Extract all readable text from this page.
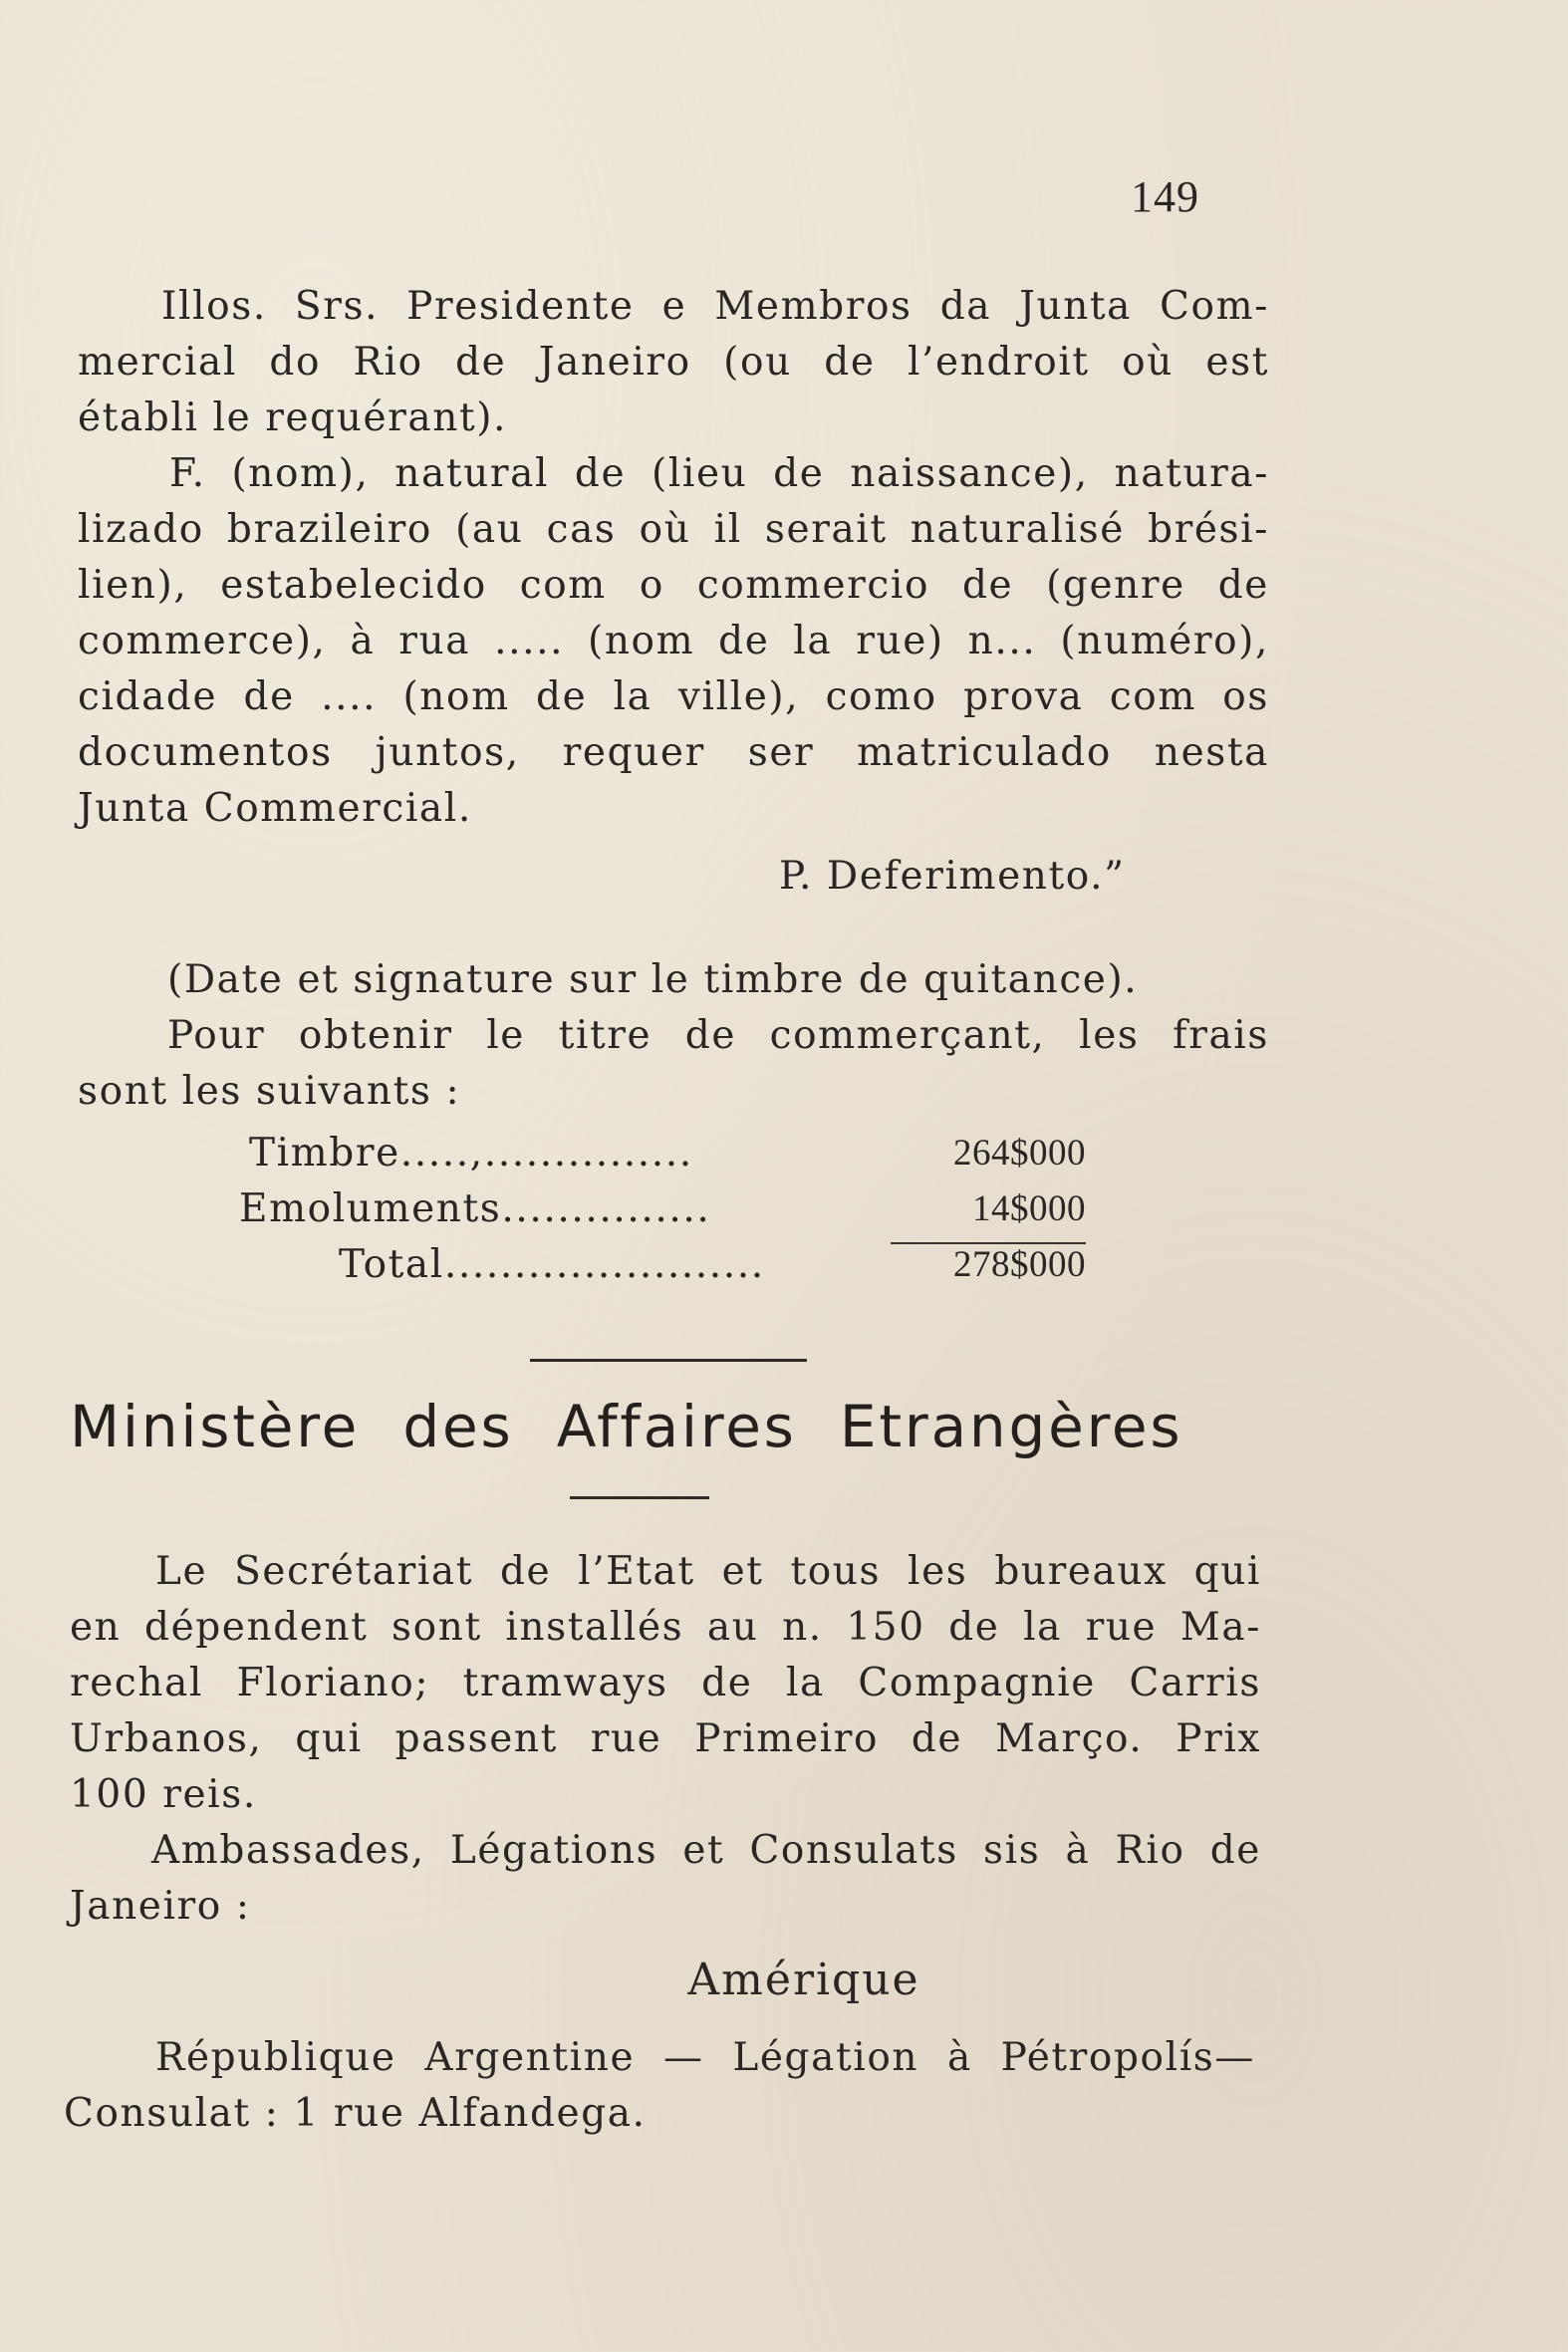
149
Illos. Srs. Presidente e Membros da Junta Com-
mercial do Rio de Janeiro (ou de l’endroit où est
établi le requérant).
F. (nom), natural de (lieu de naissance), natura-
lizado brazileiro (au cas où il serait naturalisé brési-
lien), estabelecido com o commercio de (genre de
commerce), à rua ..... (nom de la rue) n... (numéro),
cidade de .... (nom de la ville), como prova com os
documentos juntos, requer ser matriculado nesta
Junta Commercial.
P. Deferimento.”
(Date et signature sur le timbre de quitance).
Pour obtenir le titre de commerçant, les frais
sont les suivants :
Timbre.....,...............	264$000
Emoluments...............	14$000
Total.......................	278$000
Ministère des Affaires Etrangères
Le Secrétariat de l’Etat et tous les bureaux qui
en dépendent sont installés au n. 150 de la rue Ma-
rechal Floriano; tramways de la Compagnie Carris
Urbanos, qui passent rue Primeiro de Março. Prix
100 reis.
Ambassades, Légations et Consulats sis à Rio de
Janeiro :
Amérique
République Argentine — Légation à Pétropolís—
Consulat : 1 rue Alfandega.
